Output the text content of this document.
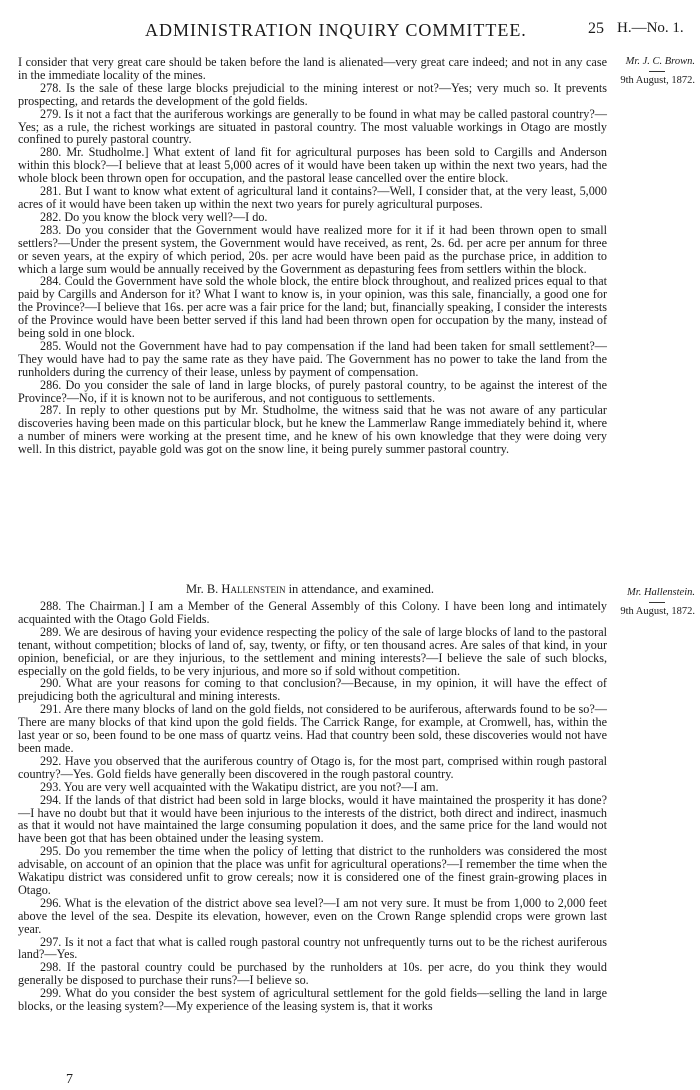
ADMINISTRATION INQUIRY COMMITTEE.	25 H.—No. 1.
Mr. J. C. Brown.
9th August, 1872.

I consider that very great care should be taken before the land is alienated—very great care indeed; and not in any case in the immediate locality of the mines.

278. Is the sale of these large blocks prejudicial to the mining interest or not?—Yes; very much so. It prevents prospecting, and retards the development of the gold fields.

279. Is it not a fact that the auriferous workings are generally to be found in what may be called pastoral country?—Yes; as a rule, the richest workings are situated in pastoral country. The most valuable workings in Otago are mostly confined to purely pastoral country.

280. Mr. Studholme.] What extent of land fit for agricultural purposes has been sold to Cargills and Anderson within this block?—I believe that at least 5,000 acres of it would have been taken up within the next two years, had the whole block been thrown open for occupation, and the pastoral lease cancelled over the entire block.

281. But I want to know what extent of agricultural land it contains?—Well, I consider that, at the very least, 5,000 acres of it would have been taken up within the next two years for purely agricultural purposes.

282. Do you know the block very well?—I do.

283. Do you consider that the Government would have realized more for it if it had been thrown open to small settlers?—Under the present system, the Government would have received, as rent, 2s. 6d. per acre per annum for three or seven years, at the expiry of which period, 20s. per acre would have been paid as the purchase price, in addition to which a large sum would be annually received by the Government as depasturing fees from settlers within the block.

284. Could the Government have sold the whole block, the entire block throughout, and realized prices equal to that paid by Cargills and Anderson for it? What I want to know is, in your opinion, was this sale, financially, a good one for the Province?—I believe that 16s. per acre was a fair price for the land; but, financially speaking, I consider the interests of the Province would have been better served if this land had been thrown open for occupation by the many, instead of being sold in one block.

285. Would not the Government have had to pay compensation if the land had been taken for small settlement?—They would have had to pay the same rate as they have paid. The Government has no power to take the land from the runholders during the currency of their lease, unless by payment of compensation.

286. Do you consider the sale of land in large blocks, of purely pastoral country, to be against the interest of the Province?—No, if it is known not to be auriferous, and not contiguous to settlements.

287. In reply to other questions put by Mr. Studholme, the witness said that he was not aware of any particular discoveries having been made on this particular block, but he knew the Lammerlaw Range immediately behind it, where a number of miners were working at the present time, and he knew of his own knowledge that they were doing very well. In this district, payable gold was got on the snow line, it being purely summer pastoral country.

Mr. B. Hallenstein in attendance, and examined.	Mr. Hallenstein.
9th August, 1872.

288. The Chairman.] I am a Member of the General Assembly of this Colony. I have been long and intimately acquainted with the Otago Gold Fields.

289. We are desirous of having your evidence respecting the policy of the sale of large blocks of land to the pastoral tenant, without competition; blocks of land of, say, twenty, or fifty, or ten thousand acres. Are sales of that kind, in your opinion, beneficial, or are they injurious, to the settlement and mining interests?—I believe the sale of such blocks, especially on the gold fields, to be very injurious, and more so if sold without competition.

290. What are your reasons for coming to that conclusion?—Because, in my opinion, it will have the effect of prejudicing both the agricultural and mining interests.

291. Are there many blocks of land on the gold fields, not considered to be auriferous, afterwards found to be so?—There are many blocks of that kind upon the gold fields. The Carrick Range, for example, at Cromwell, has, within the last year or so, been found to be one mass of quartz veins. Had that country been sold, these discoveries would not have been made.

292. Have you observed that the auriferous country of Otago is, for the most part, comprised within rough pastoral country?—Yes. Gold fields have generally been discovered in the rough pastoral country.

293. You are very well acquainted with the Wakatipu district, are you not?—I am.

294. If the lands of that district had been sold in large blocks, would it have maintained the prosperity it has done?—I have no doubt but that it would have been injurious to the interests of the district, both direct and indirect, inasmuch as that it would not have maintained the large consuming population it does, and the same price for the land would not have been got that has been obtained under the leasing system.

295. Do you remember the time when the policy of letting that district to the runholders was considered the most advisable, on account of an opinion that the place was unfit for agricultural operations?—I remember the time when the Wakatipu district was considered unfit to grow cereals; now it is considered one of the finest grain-growing places in Otago.

296. What is the elevation of the district above sea level?—I am not very sure. It must be from 1,000 to 2,000 feet above the level of the sea. Despite its elevation, however, even on the Crown Range splendid crops were grown last year.

297. Is it not a fact that what is called rough pastoral country not unfrequently turns out to be the richest auriferous land?—Yes.

298. If the pastoral country could be purchased by the runholders at 10s. per acre, do you think they would generally be disposed to purchase their runs?—I believe so.

299. What do you consider the best system of agricultural settlement for the gold fields—selling the land in large blocks, or the leasing system?—My experience of the leasing system is, that it works

7
